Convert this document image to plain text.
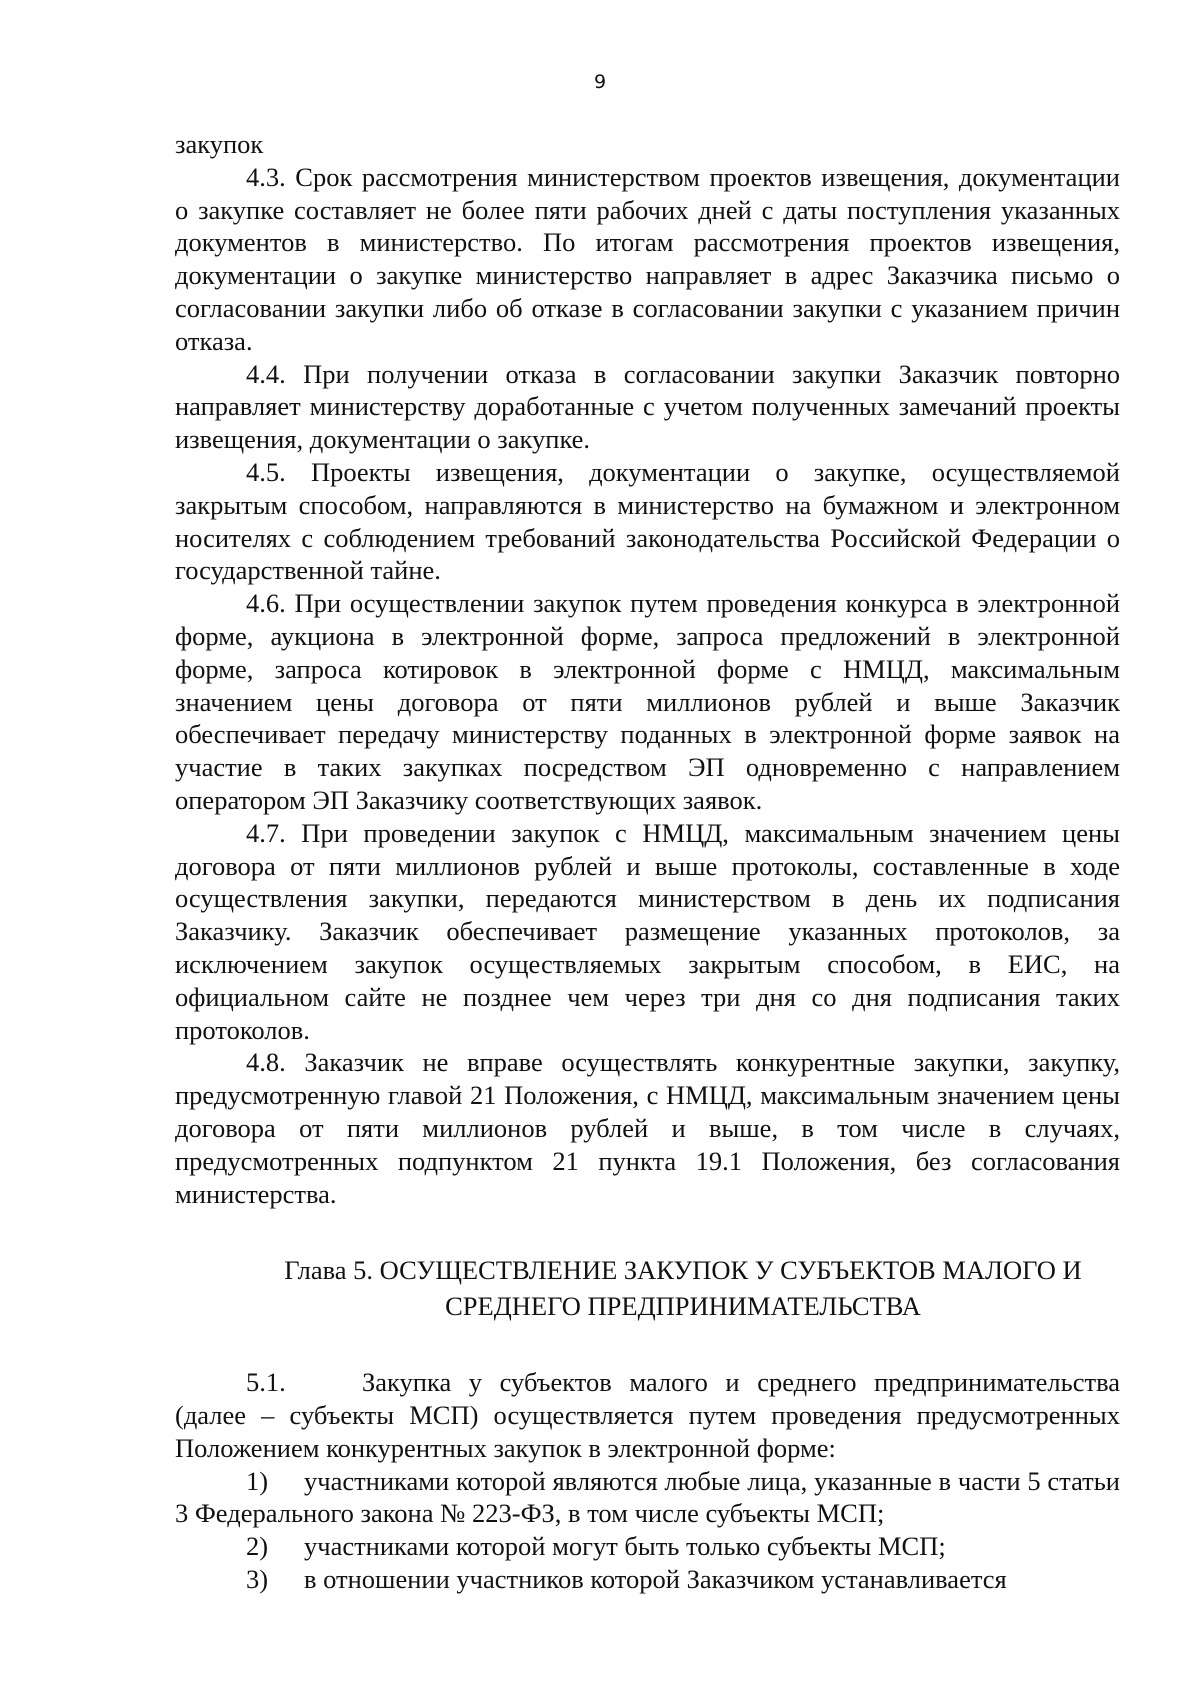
9

закупок

4.3. Срок рассмотрения министерством проектов извещения, документации о закупке составляет не более пяти рабочих дней с даты поступления указанных документов в министерство. По итогам рассмотрения проектов извещения, документации о закупке министерство направляет в адрес Заказчика письмо о согласовании закупки либо об отказе в согласовании закупки с указанием причин отказа.

4.4. При получении отказа в согласовании закупки Заказчик повторно направляет министерству доработанные с учетом полученных замечаний проекты извещения, документации о закупке.

4.5. Проекты извещения, документации о закупке, осуществляемой закрытым способом, направляются в министерство на бумажном и электронном носителях с соблюдением требований законодательства Российской Федерации о государственной тайне.

4.6. При осуществлении закупок путем проведения конкурса в электронной форме, аукциона в электронной форме, запроса предложений в электронной форме, запроса котировок в электронной форме с НМЦД, максимальным значением цены договора от пяти миллионов рублей и выше Заказчик обеспечивает передачу министерству поданных в электронной форме заявок на участие в таких закупках посредством ЭП одновременно с направлением оператором ЭП Заказчику соответствующих заявок.

4.7. При проведении закупок с НМЦД, максимальным значением цены договора от пяти миллионов рублей и выше протоколы, составленные в ходе осуществления закупки, передаются министерством в день их подписания Заказчику. Заказчик обеспечивает размещение указанных протоколов, за исключением закупок осуществляемых закрытым способом, в ЕИС, на официальном сайте не позднее чем через три дня со дня подписания таких протоколов.

4.8. Заказчик не вправе осуществлять конкурентные закупки, закупку, предусмотренную главой 21 Положения, с НМЦД, максимальным значением цены договора от пяти миллионов рублей и выше, в том числе в случаях, предусмотренных подпунктом 21 пункта 19.1 Положения, без согласования министерства.

Глава 5. ОСУЩЕСТВЛЕНИЕ ЗАКУПОК У СУБЪЕКТОВ МАЛОГО И
СРЕДНЕГО ПРЕДПРИНИМАТЕЛЬСТВА

5.1.	Закупка у субъектов малого и среднего предпринимательства (далее – субъекты МСП) осуществляется путем проведения предусмотренных Положением конкурентных закупок в электронной форме:

1) участниками которой являются любые лица, указанные в части 5 статьи 3 Федерального закона № 223-ФЗ, в том числе субъекты МСП;

2) участниками которой могут быть только субъекты МСП;

3) в отношении участников которой Заказчиком устанавливается
